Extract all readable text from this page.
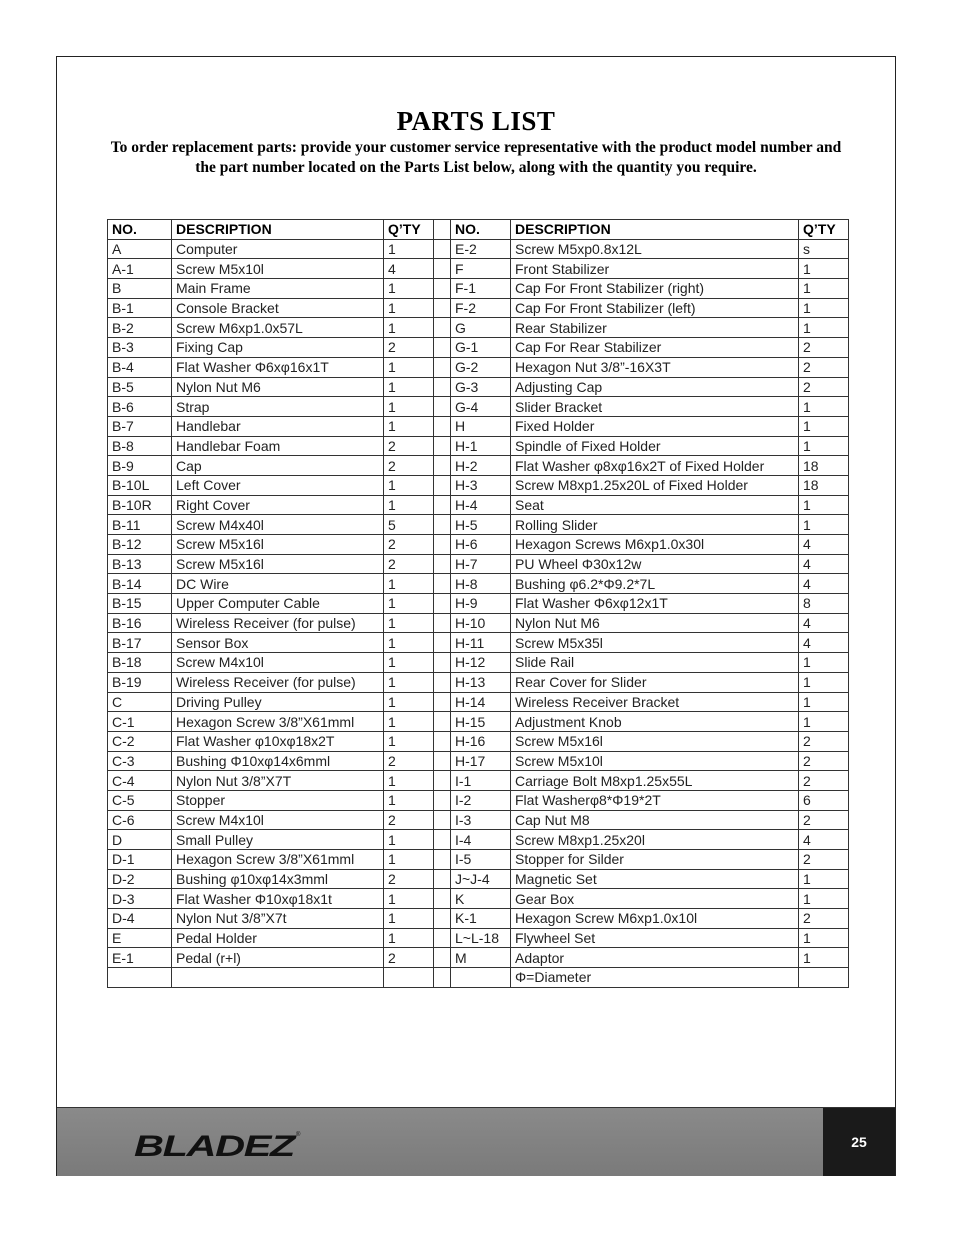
PARTS LIST
To order replacement parts: provide your customer service representative with the product model number and the part number located on the Parts List below, along with the quantity you require.
NO.	DESCRIPTION	Q’TY		NO.	DESCRIPTION	Q’TY
A	Computer	1		E-2	Screw M5xp0.8x12L	s
A-1	Screw M5x10l	4		F	Front Stabilizer	1
B	Main Frame	1		F-1	Cap For Front Stabilizer (right)	1
B-1	Console Bracket	1		F-2	Cap For Front Stabilizer (left)	1
B-2	Screw M6xp1.0x57L	1		G	Rear Stabilizer	1
B-3	Fixing Cap	2		G-1	Cap For Rear Stabilizer	2
B-4	Flat Washer Φ6xφ16x1T	1		G-2	Hexagon Nut 3/8”-16X3T	2
B-5	Nylon Nut M6	1		G-3	Adjusting Cap	2
B-6	Strap	1		G-4	Slider Bracket	1
B-7	Handlebar	1		H	Fixed Holder	1
B-8	Handlebar Foam	2		H-1	Spindle of Fixed Holder	1
B-9	Cap	2		H-2	Flat Washer φ8xφ16x2T of Fixed Holder	18
B-10L	Left Cover	1		H-3	Screw M8xp1.25x20L of Fixed Holder	18
B-10R	Right Cover	1		H-4	Seat	1
B-11	Screw M4x40l	5		H-5	Rolling Slider	1
B-12	Screw M5x16l	2		H-6	Hexagon Screws M6xp1.0x30l	4
B-13	Screw M5x16l	2		H-7	PU Wheel Φ30x12w	4
B-14	DC Wire	1		H-8	Bushing φ6.2*Φ9.2*7L	4
B-15	Upper Computer Cable	1		H-9	Flat Washer Φ6xφ12x1T	8
B-16	Wireless Receiver (for pulse)	1		H-10	Nylon Nut M6	4
B-17	Sensor Box	1		H-11	Screw M5x35l	4
B-18	Screw M4x10l	1		H-12	Slide Rail	1
B-19	Wireless Receiver (for pulse)	1		H-13	Rear Cover for Slider	1
C	Driving Pulley	1		H-14	Wireless Receiver Bracket	1
C-1	Hexagon Screw 3/8”X61mml	1		H-15	Adjustment Knob	1
C-2	Flat Washer φ10xφ18x2T	1		H-16	Screw M5x16l	2
C-3	Bushing Φ10xφ14x6mml	2		H-17	Screw M5x10l	2
C-4	Nylon Nut 3/8”X7T	1		I-1	Carriage Bolt M8xp1.25x55L	2
C-5	Stopper	1		I-2	Flat Washerφ8*Φ19*2T	6
C-6	Screw M4x10l	2		I-3	Cap Nut M8	2
D	Small Pulley	1		I-4	Screw M8xp1.25x20l	4
D-1	Hexagon Screw 3/8”X61mml	1		I-5	Stopper for Silder	2
D-2	Bushing φ10xφ14x3mml	2		J~J-4	Magnetic Set	1
D-3	Flat Washer Φ10xφ18x1t	1		K	Gear Box	1
D-4	Nylon Nut 3/8”X7t	1		K-1	Hexagon Screw M6xp1.0x10l	2
E	Pedal Holder	1		L~L-18	Flywheel Set	1
E-1	Pedal (r+l)	2		M	Adaptor	1
					Φ=Diameter	
BLADEZ
®	25
